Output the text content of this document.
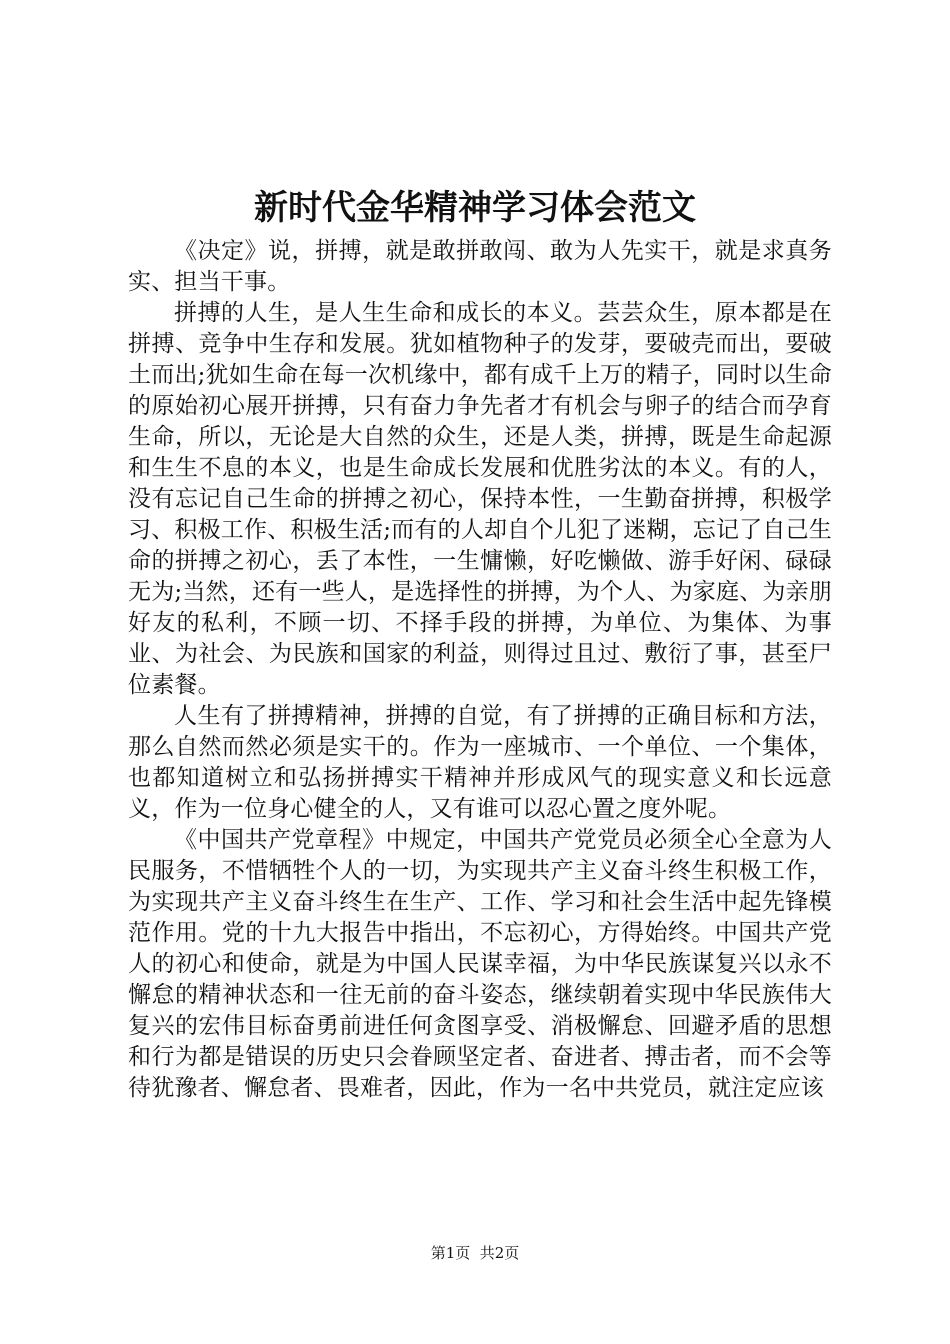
新时代金华精神学习体会范文

《决定》说，拼搏，就是敢拼敢闯、敢为人先实干，就是求真务实、担当干事。

拼搏的人生，是人生生命和成长的本义。芸芸众生，原本都是在拼搏、竞争中生存和发展。犹如植物种子的发芽，要破壳而出，要破土而出;犹如生命在每一次机缘中，都有成千上万的精子，同时以生命的原始初心展开拼搏，只有奋力争先者才有机会与卵子的结合而孕育生命，所以，无论是大自然的众生，还是人类，拼搏，既是生命起源和生生不息的本义，也是生命成长发展和优胜劣汰的本义。有的人，没有忘记自己生命的拼搏之初心，保持本性，一生勤奋拼搏，积极学习、积极工作、积极生活;而有的人却自个儿犯了迷糊，忘记了自己生命的拼搏之初心，丢了本性，一生慵懒，好吃懒做、游手好闲、碌碌无为;当然，还有一些人，是选择性的拼搏，为个人、为家庭、为亲朋好友的私利，不顾一切、不择手段的拼搏，为单位、为集体、为事业、为社会、为民族和国家的利益，则得过且过、敷衍了事，甚至尸位素餐。

人生有了拼搏精神，拼搏的自觉，有了拼搏的正确目标和方法，那么自然而然必须是实干的。作为一座城市、一个单位、一个集体，也都知道树立和弘扬拼搏实干精神并形成风气的现实意义和长远意义，作为一位身心健全的人，又有谁可以忍心置之度外呢。

《中国共产党章程》中规定，中国共产党党员必须全心全意为人民服务，不惜牺牲个人的一切，为实现共产主义奋斗终生积极工作，为实现共产主义奋斗终生在生产、工作、学习和社会生活中起先锋模范作用。党的十九大报告中指出，不忘初心，方得始终。中国共产党人的初心和使命，就是为中国人民谋幸福，为中华民族谋复兴以永不懈怠的精神状态和一往无前的奋斗姿态，继续朝着实现中华民族伟大复兴的宏伟目标奋勇前进任何贪图享受、消极懈怠、回避矛盾的思想和行为都是错误的历史只会眷顾坚定者、奋进者、搏击者，而不会等待犹豫者、懈怠者、畏难者，因此，作为一名中共党员，就注定应该

第1页  共2页
